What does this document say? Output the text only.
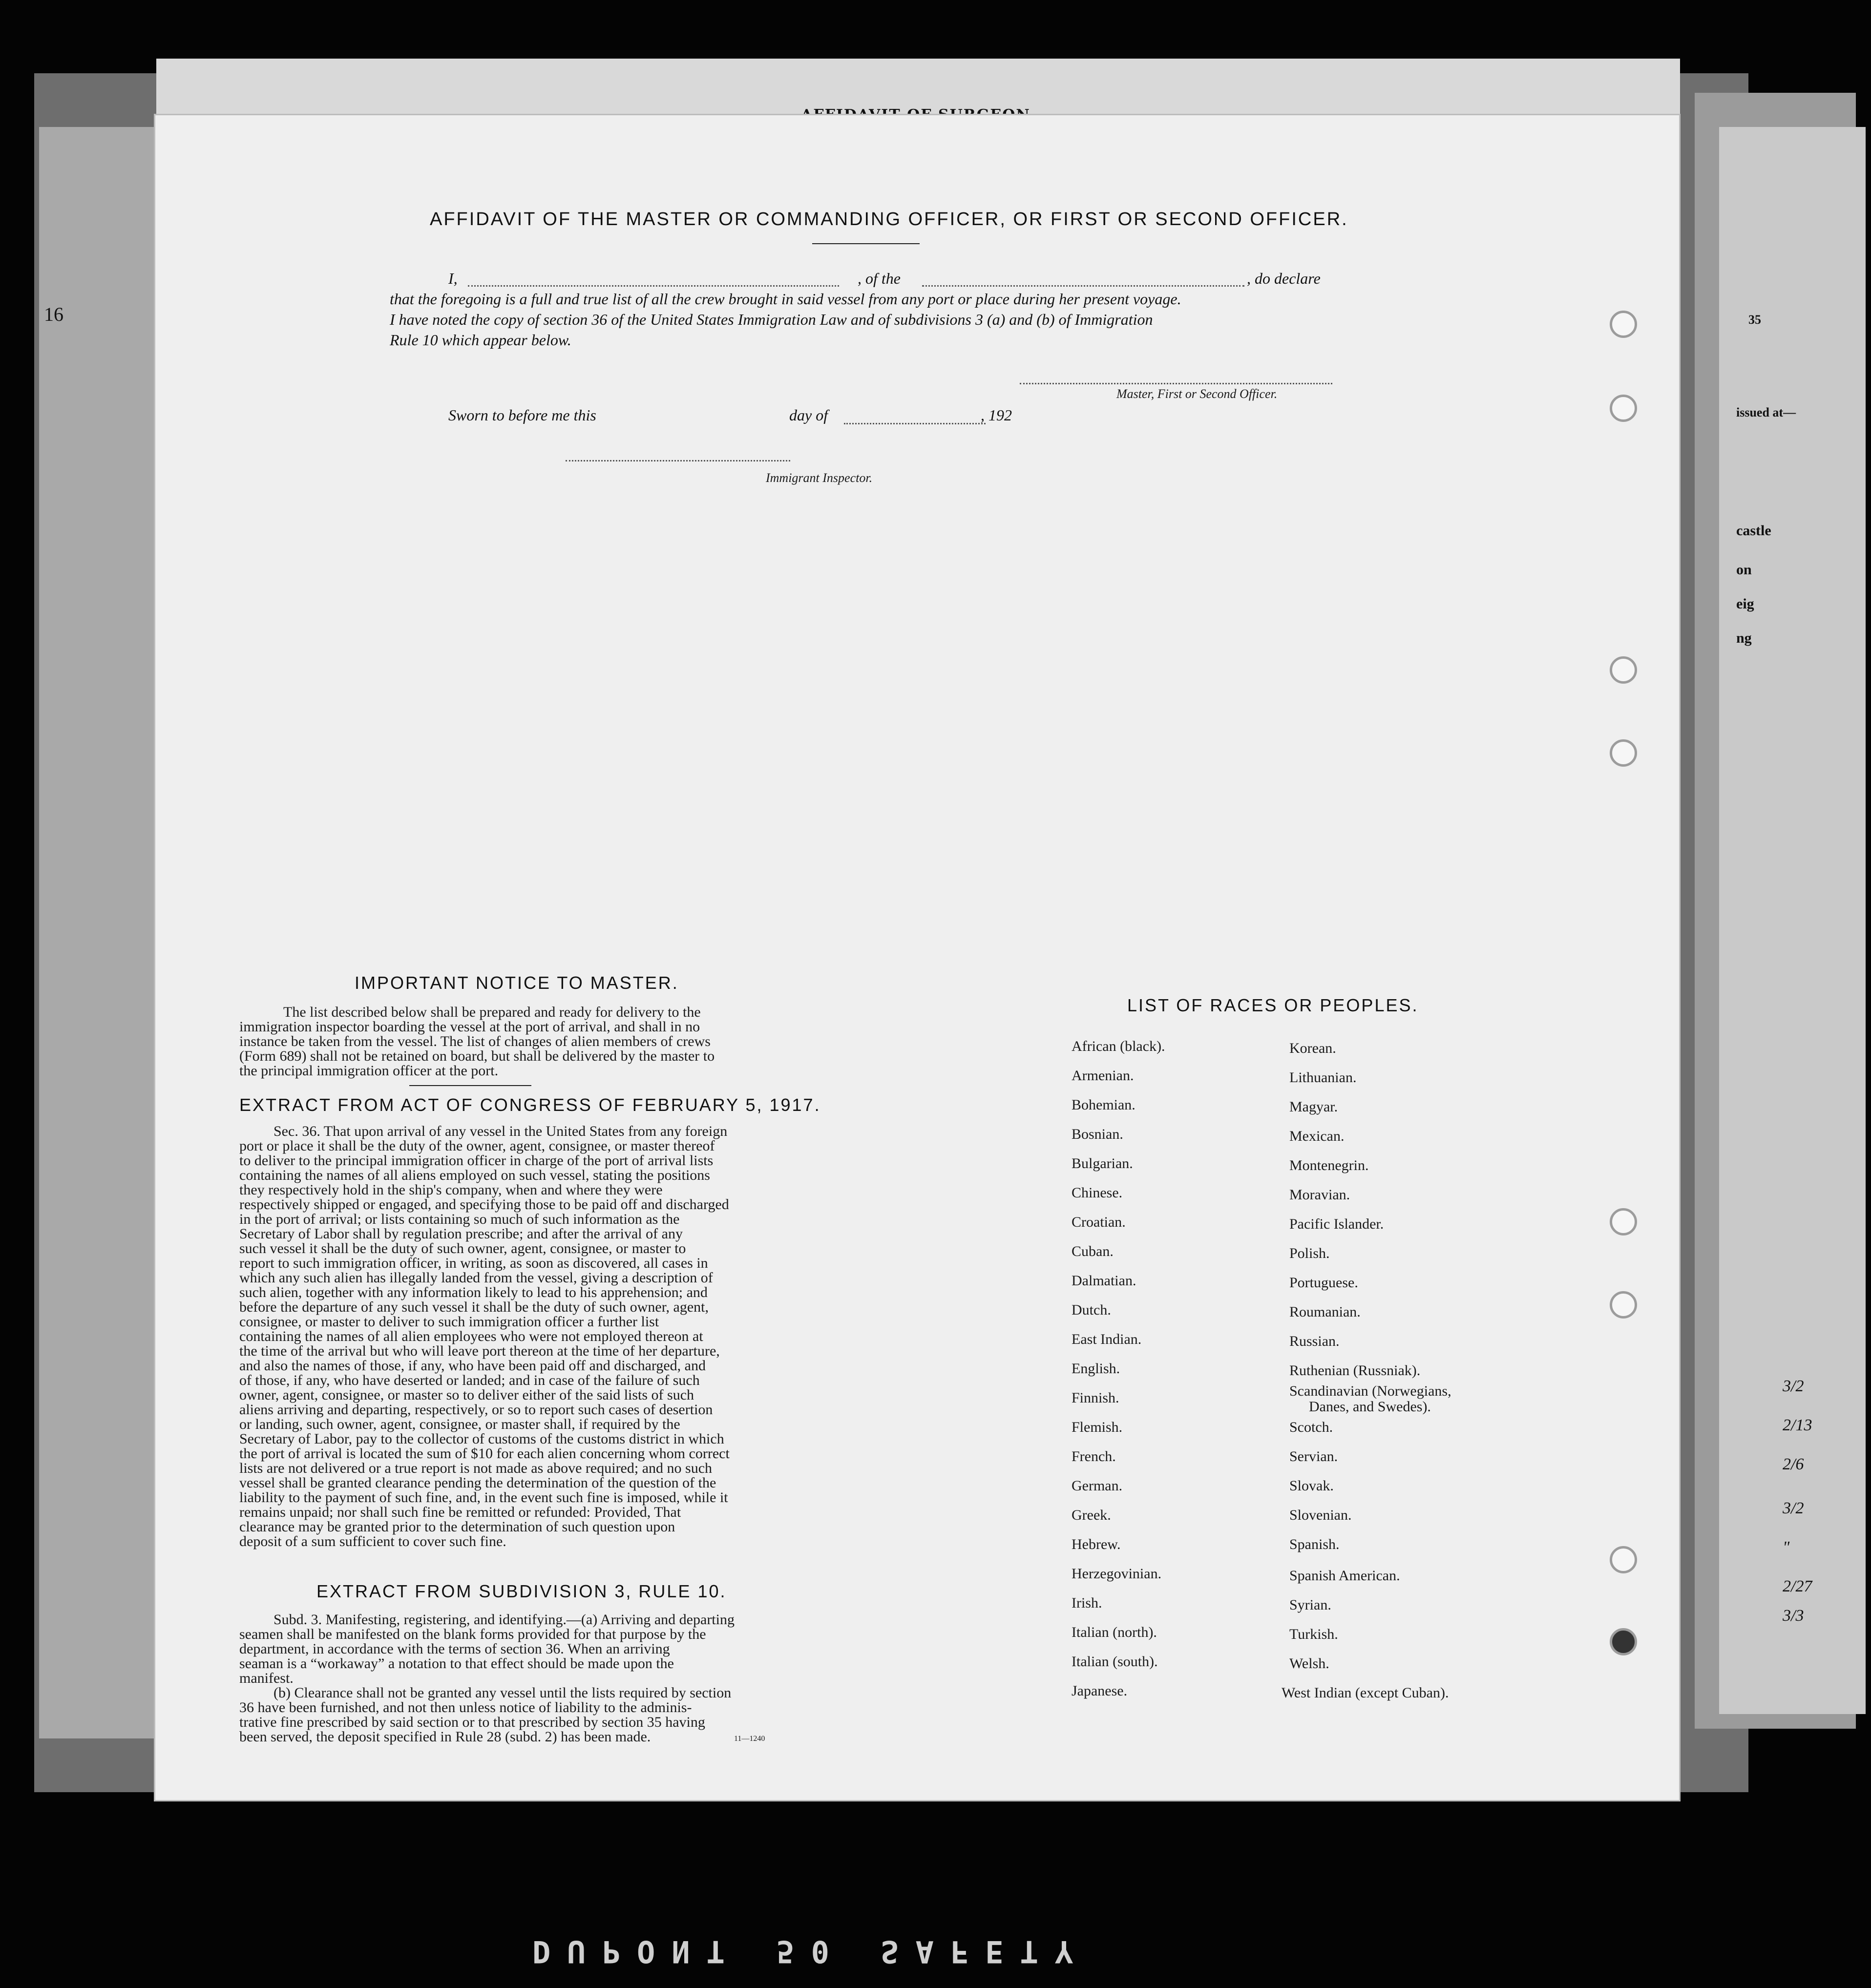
16	35
issued at—
castle
on
eig
ng
3/2
2/13
2/6
3/2
"
2/27
3/3
AFFIDAVIT OF THE MASTER OR COMMANDING OFFICER, OR FIRST OR SECOND OFFICER.
I,	, of the	, do declare
that the foregoing is a full and true list of all the crew brought in said vessel from any port or place during her present voyage.
I have noted the copy of section 36 of the United States Immigration Law and of subdivisions 3 (a) and (b) of Immigration
Rule 10 which appear below.
Master, First or Second Officer.
Sworn to before me this	day of	, 192
Immigrant Inspector.
IMPORTANT NOTICE TO MASTER.
The list described below shall be prepared and ready for delivery to the
immigration inspector boarding the vessel at the port of arrival, and shall in no
instance be taken from the vessel. The list of changes of alien members of crews
(Form 689) shall not be retained on board, but shall be delivered by the master to
the principal immigration officer at the port.
EXTRACT FROM ACT OF CONGRESS OF FEBRUARY 5, 1917.
Sec. 36. That upon arrival of any vessel in the United States from any foreign
port or place it shall be the duty of the owner, agent, consignee, or master thereof
to deliver to the principal immigration officer in charge of the port of arrival lists
containing the names of all aliens employed on such vessel, stating the positions
they respectively hold in the ship's company, when and where they were
respectively shipped or engaged, and specifying those to be paid off and discharged
in the port of arrival; or lists containing so much of such information as the
Secretary of Labor shall by regulation prescribe; and after the arrival of any
such vessel it shall be the duty of such owner, agent, consignee, or master to
report to such immigration officer, in writing, as soon as discovered, all cases in
which any such alien has illegally landed from the vessel, giving a description of
such alien, together with any information likely to lead to his apprehension; and
before the departure of any such vessel it shall be the duty of such owner, agent,
consignee, or master to deliver to such immigration officer a further list
containing the names of all alien employees who were not employed thereon at
the time of the arrival but who will leave port thereon at the time of her departure,
and also the names of those, if any, who have been paid off and discharged, and
of those, if any, who have deserted or landed; and in case of the failure of such
owner, agent, consignee, or master so to deliver either of the said lists of such
aliens arriving and departing, respectively, or so to report such cases of desertion
or landing, such owner, agent, consignee, or master shall, if required by the
Secretary of Labor, pay to the collector of customs of the customs district in which
the port of arrival is located the sum of $10 for each alien concerning whom correct
lists are not delivered or a true report is not made as above required; and no such
vessel shall be granted clearance pending the determination of the question of the
liability to the payment of such fine, and, in the event such fine is imposed, while it
remains unpaid; nor shall such fine be remitted or refunded: Provided, That
clearance may be granted prior to the determination of such question upon
deposit of a sum sufficient to cover such fine.
EXTRACT FROM SUBDIVISION 3, RULE 10.
Subd. 3. Manifesting, registering, and identifying.—(a) Arriving and departing
seamen shall be manifested on the blank forms provided for that purpose by the
department, in accordance with the terms of section 36. When an arriving
seaman is a “workaway” a notation to that effect should be made upon the
manifest.
(b) Clearance shall not be granted any vessel until the lists required by section
36 have been furnished, and not then unless notice of liability to the adminis-
trative fine prescribed by said section or to that prescribed by section 35 having
been served, the deposit specified in Rule 28 (subd. 2) has been made.	11—1240
LIST OF RACES OR PEOPLES.
African (black).
Armenian.
Bohemian.
Bosnian.
Bulgarian.
Chinese.
Croatian.
Cuban.
Dalmatian.
Dutch.
East Indian.
English.
Finnish.
Flemish.
French.
German.
Greek.
Hebrew.
Herzegovinian.
Irish.
Italian (north).
Italian (south).
Japanese.
Korean.
Lithuanian.
Magyar.
Mexican.
Montenegrin.
Moravian.
Pacific Islander.
Polish.
Portuguese.
Roumanian.
Russian.
Ruthenian (Russniak).
Scandinavian (Norwegians,
Danes, and Swedes).
Scotch.
Servian.
Slovak.
Slovenian.
Spanish.
Spanish American.
Syrian.
Turkish.
Welsh.
West Indian (except Cuban).
DUPONT 50 SAFETY
